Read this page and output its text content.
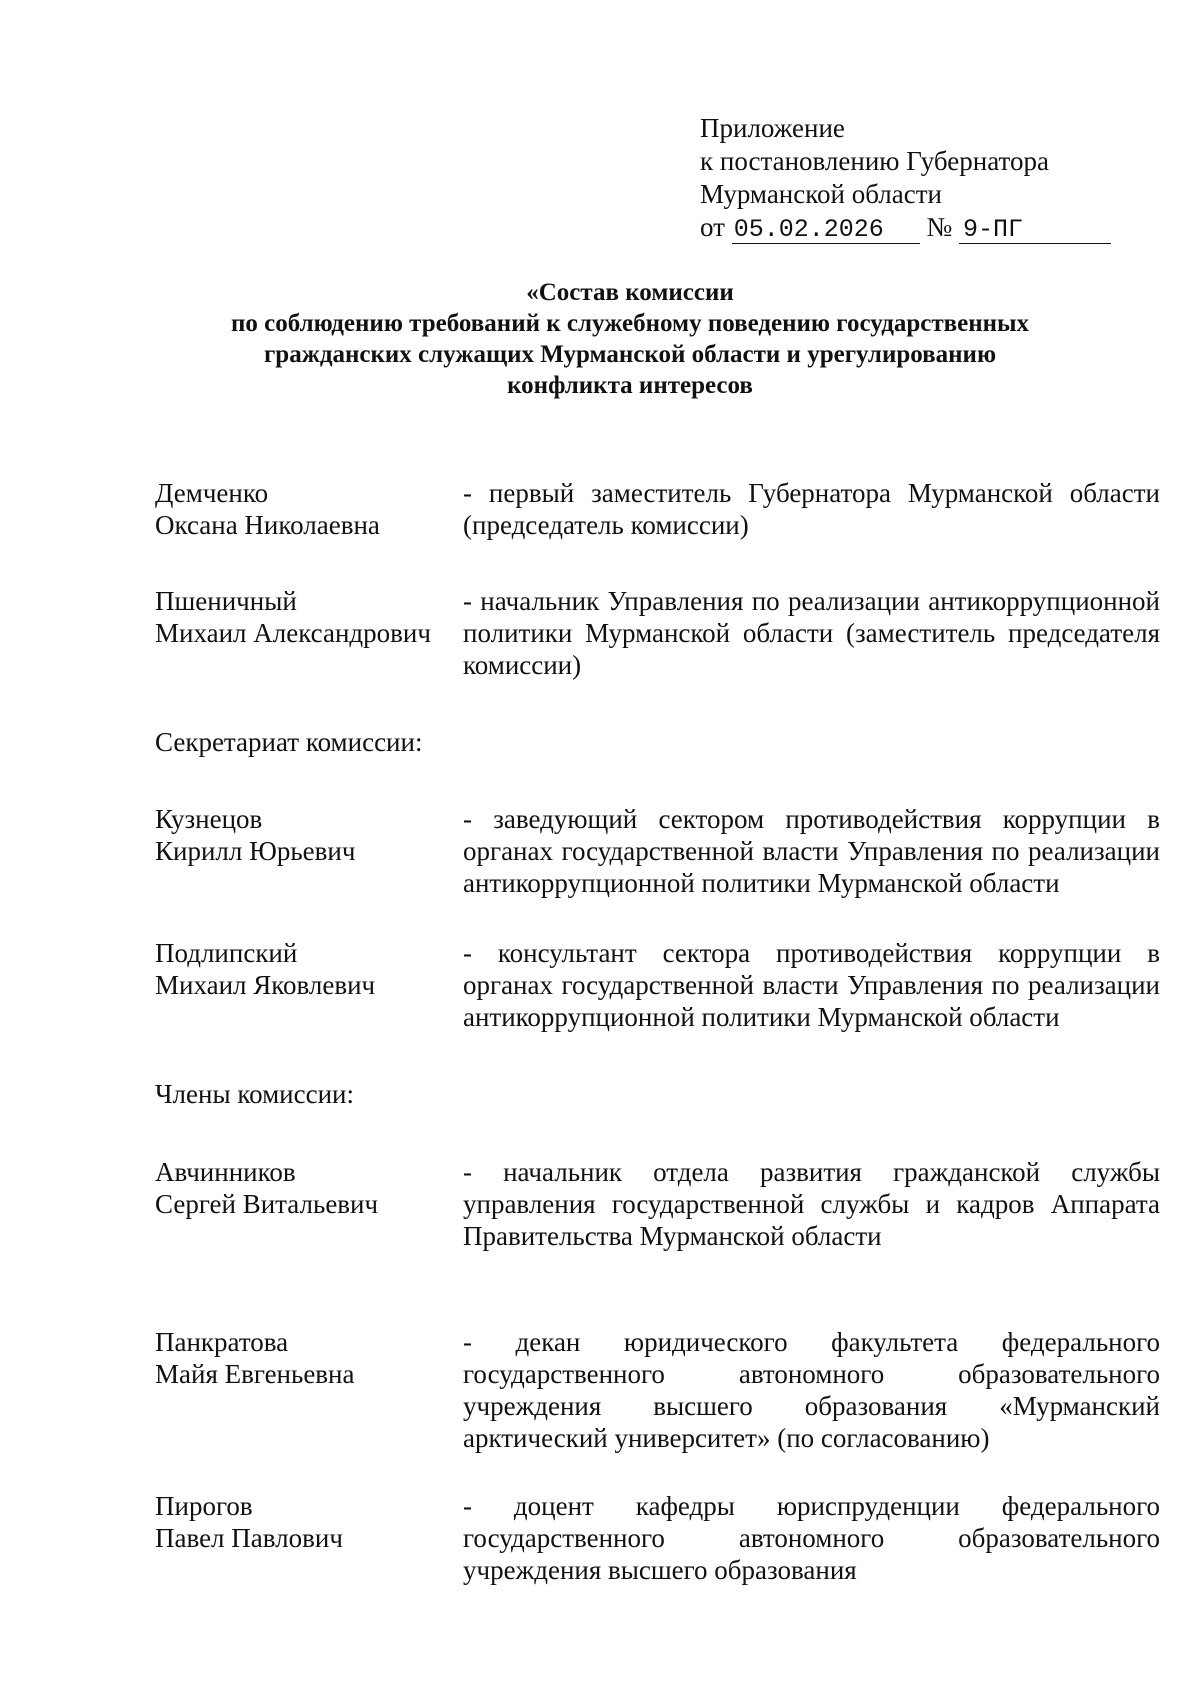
Приложение
к постановлению Губернатора
Мурманской области
от 05.02.2026 № 9-ПГ
«Состав комиссии
по соблюдению требований к служебному поведению государственных
гражданских служащих Мурманской области и урегулированию
конфликта интересов
Демченко
Оксана Николаевна
- первый заместитель Губернатора Мурманской области (председатель комиссии)
Пшеничный
Михаил Александрович
- начальник Управления по реализации антикоррупционной политики Мурманской области (заместитель председателя комиссии)
Секретариат комиссии:
Кузнецов
Кирилл Юрьевич
- заведующий сектором противодействия коррупции в органах государственной власти Управления по реализации антикоррупционной политики Мурманской области
Подлипский
Михаил Яковлевич
- консультант сектора противодействия коррупции в органах государственной власти Управления по реализации антикоррупционной политики Мурманской области
Члены комиссии:
Авчинников
Сергей Витальевич
- начальник отдела развития гражданской службы управления государственной службы и кадров Аппарата Правительства Мурманской области
Панкратова
Майя Евгеньевна
- декан юридического факультета федерального государственного автономного образовательного учреждения высшего образования «Мурманский арктический университет» (по согласованию)
Пирогов
Павел Павлович
- доцент кафедры юриспруденции федерального государственного автономного образовательного учреждения высшего образования
